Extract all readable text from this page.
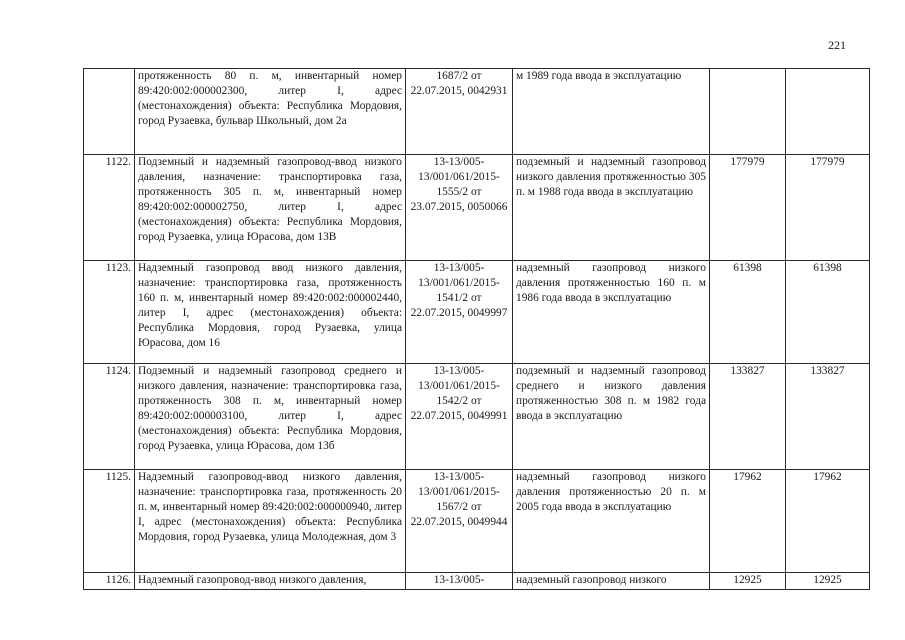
221
	протяженность 80 п. м, инвентарный номер 89:420:002:000002300, литер I, адрес (местонахождения) объекта: Республика Мордовия, город Рузаевка, бульвар Школьный, дом 2а	1687/2 от 22.07.2015, 0042931	м 1989 года ввода в эксплуатацию		
1122.	Подземный и надземный газопровод-ввод низкого давления, назначение: транспортировка газа, протяженность 305 п. м, инвентарный номер 89:420:002:000002750, литер I, адрес (местонахождения) объекта: Республика Мордовия, город Рузаевка, улица Юрасова, дом 13В	13-13/005-13/001/061/2015-1555/2 от 23.07.2015, 0050066	подземный и надземный газопровод низкого давления протяженностью 305 п. м 1988 года ввода в эксплуатацию	177979	177979
1123.	Надземный газопровод ввод низкого давления, назначение: транспортировка газа, протяженность 160 п. м, инвентарный номер 89:420:002:000002440, литер I, адрес (местонахождения) объекта: Республика Мордовия, город Рузаевка, улица Юрасова, дом 16	13-13/005-13/001/061/2015-1541/2 от 22.07.2015, 0049997	надземный газопровод низкого давления протяженностью 160 п. м 1986 года ввода в эксплуатацию	61398	61398
1124.	Подземный и надземный газопровод среднего и низкого давления, назначение: транспортировка газа, протяженность 308 п. м, инвентарный номер 89:420:002:000003100, литер I, адрес (местонахождения) объекта: Республика Мордовия, город Рузаевка, улица Юрасова, дом 13б	13-13/005-13/001/061/2015-1542/2 от 22.07.2015, 0049991	подземный и надземный газопровод среднего и низкого давления протяженностью 308 п. м 1982 года ввода в эксплуатацию	133827	133827
1125.	Надземный газопровод-ввод низкого давления, назначение: транспортировка газа, протяженность 20 п. м, инвентарный номер 89:420:002:000000940, литер I, адрес (местонахождения) объекта: Республика Мордовия, город Рузаевка, улица Молодежная, дом 3	13-13/005-13/001/061/2015-1567/2 от 22.07.2015, 0049944	надземный газопровод низкого давления протяженностью 20 п. м 2005 года ввода в эксплуатацию	17962	17962
1126.	Надземный газопровод-ввод низкого давления,	13-13/005-	надземный газопровод низкого	12925	12925
